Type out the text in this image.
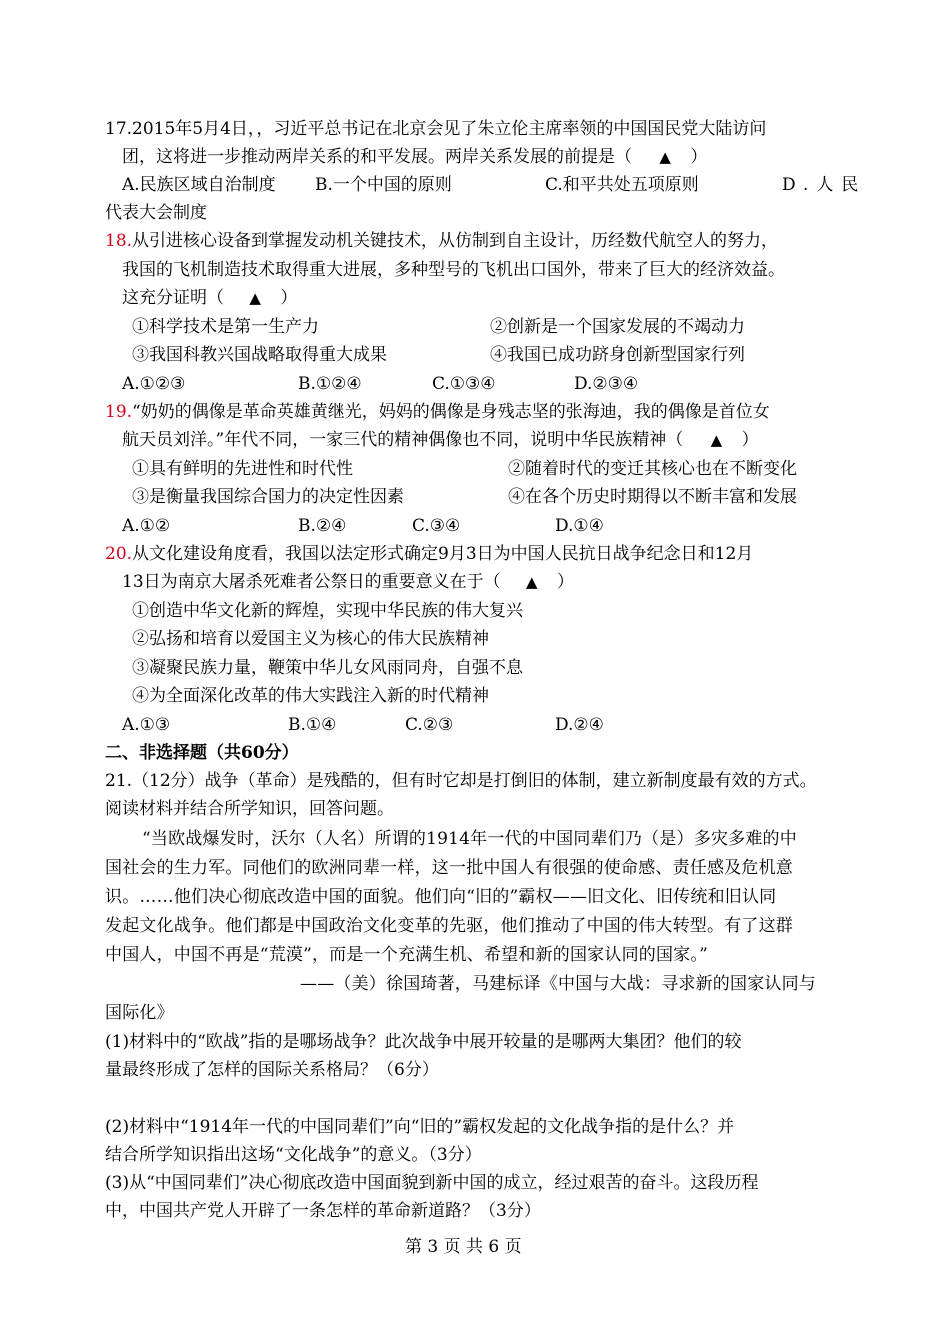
17.2015年5月4日，，习近平总书记在北京会见了朱立伦主席率领的中国国民党大陆访问
团，这将进一步推动两岸关系的和平发展。两岸关系发展的前提是（ ▲ ）
A.民族区域自治制度 B.一个中国的原则	C.和平共处五项原则	D.人民
代表大会制度
18.从引进核心设备到掌握发动机关键技术，从仿制到自主设计，历经数代航空人的努力，
我国的飞机制造技术取得重大进展，多种型号的飞机出口国外，带来了巨大的经济效益。
这充分证明（ ▲ ）
①科学技术是第一生产力	②创新是一个国家发展的不竭动力
③我国科教兴国战略取得重大成果	④我国已成功跻身创新型国家行列
A.①②③	B.①②④	C.①③④	D.②③④
19.“奶奶的偶像是革命英雄黄继光，妈妈的偶像是身残志坚的张海迪，我的偶像是首位女
航天员刘洋。”年代不同，一家三代的精神偶像也不同，说明中华民族精神（ ▲ ）
①具有鲜明的先进性和时代性	②随着时代的变迁其核心也在不断变化
③是衡量我国综合国力的决定性因素	④在各个历史时期得以不断丰富和发展
A.①②	B.②④	C.③④	D.①④
20.从文化建设角度看，我国以法定形式确定9月3日为中国人民抗日战争纪念日和12月
13日为南京大屠杀死难者公祭日的重要意义在于（ ▲ ）
①创造中华文化新的辉煌，实现中华民族的伟大复兴
②弘扬和培育以爱国主义为核心的伟大民族精神
③凝聚民族力量，鞭策中华儿女风雨同舟，自强不息
④为全面深化改革的伟大实践注入新的时代精神
A.①③	B.①④	C.②③	D.②④
二、非选择题（共60分）
21.（12分）战争（革命）是残酷的，但有时它却是打倒旧的体制，建立新制度最有效的方式。
阅读材料并结合所学知识，回答问题。
“当欧战爆发时，沃尔（人名）所谓的1914年一代的中国同辈们乃（是）多灾多难的中
国社会的生力军。同他们的欧洲同辈一样，这一批中国人有很强的使命感、责任感及危机意
识。……他们决心彻底改造中国的面貌。他们向“旧的”霸权——旧文化、旧传统和旧认同
发起文化战争。他们都是中国政治文化变革的先驱，他们推动了中国的伟大转型。有了这群
中国人，中国不再是“荒漠”，而是一个充满生机、希望和新的国家认同的国家。”
——（美）徐国琦著，马建标译《中国与大战：寻求新的国家认同与
国际化》
(1)材料中的“欧战”指的是哪场战争？此次战争中展开较量的是哪两大集团？他们的较
量最终形成了怎样的国际关系格局？（6分）
(2)材料中“1914年一代的中国同辈们”向“旧的”霸权发起的文化战争指的是什么？并
结合所学知识指出这场“文化战争”的意义。（3分）
(3)从“中国同辈们”决心彻底改造中国面貌到新中国的成立，经过艰苦的奋斗。这段历程
中，中国共产党人开辟了一条怎样的革命新道路？（3分）
第 3 页 共 6 页
